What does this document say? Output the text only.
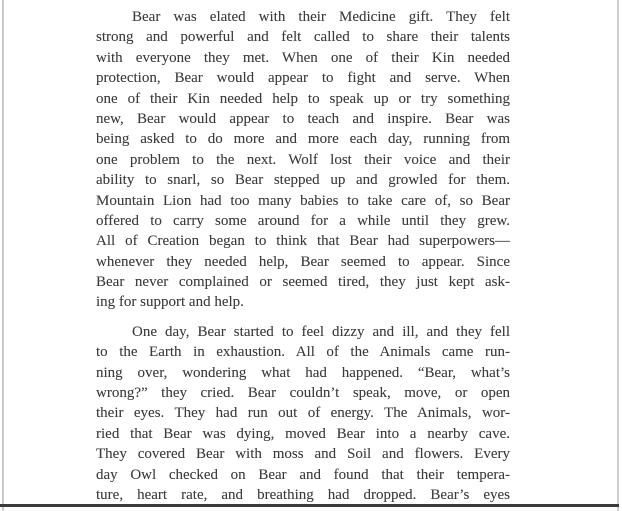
Bear was elated with their Medicine gift. They felt
strong and powerful and felt called to share their talents
with everyone they met. When one of their Kin needed
protection, Bear would appear to fight and serve. When
one of their Kin needed help to speak up or try something
new, Bear would appear to teach and inspire. Bear was
being asked to do more and more each day, running from
one problem to the next. Wolf lost their voice and their
ability to snarl, so Bear stepped up and growled for them.
Mountain Lion had too many babies to take care of, so Bear
offered to carry some around for a while until they grew.
All of Creation began to think that Bear had superpowers—
whenever they needed help, Bear seemed to appear. Since
Bear never complained or seemed tired, they just kept ask-
ing for support and help.
One day, Bear started to feel dizzy and ill, and they fell
to the Earth in exhaustion. All of the Animals came run-
ning over, wondering what had happened. “Bear, what’s
wrong?” they cried. Bear couldn’t speak, move, or open
their eyes. They had run out of energy. The Animals, wor-
ried that Bear was dying, moved Bear into a nearby cave.
They covered Bear with moss and Soil and flowers. Every
day Owl checked on Bear and found that their tempera-
ture, heart rate, and breathing had dropped. Bear’s eyes
